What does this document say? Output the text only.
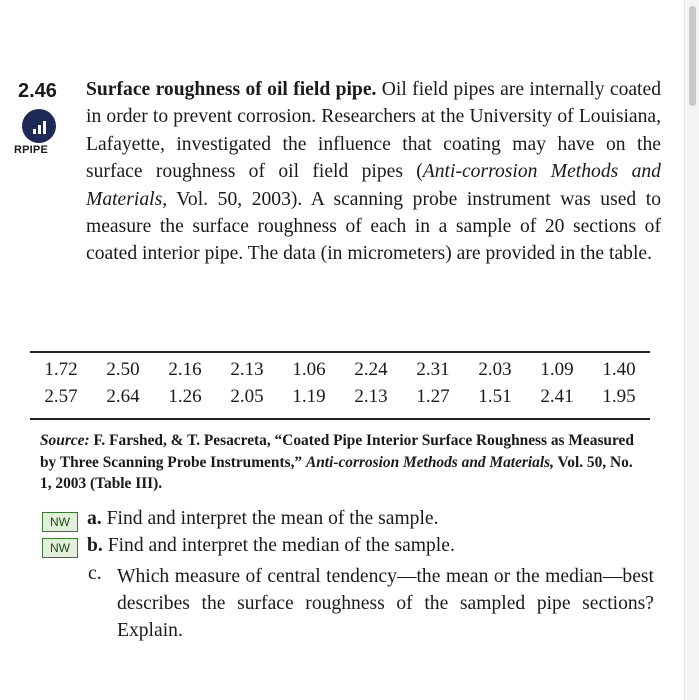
2.46
RPIPE
Surface roughness of oil field pipe. Oil field pipes are internally coated in order to prevent corrosion. Researchers at the University of Louisiana, Lafayette, investigated the influence that coating may have on the surface roughness of oil field pipes (Anti-corrosion Methods and Materials, Vol. 50, 2003). A scanning probe instrument was used to measure the surface roughness of each in a sample of 20 sections of coated interior pipe. The data (in micrometers) are provided in the table.
1.72	2.50	2.16	2.13	1.06	2.24	2.31	2.03	1.09	1.40
2.57	2.64	1.26	2.05	1.19	2.13	1.27	1.51	2.41	1.95
Source: F. Farshed, & T. Pesacreta, “Coated Pipe Interior Surface Roughness as Measured by Three Scanning Probe Instruments,” Anti-corrosion Methods and Materials, Vol. 50, No. 1, 2003 (Table III).
NW a. Find and interpret the mean of the sample.
NW b. Find and interpret the median of the sample.
c. Which measure of central tendency—the mean or the median—best describes the surface roughness of the sampled pipe sections? Explain.
